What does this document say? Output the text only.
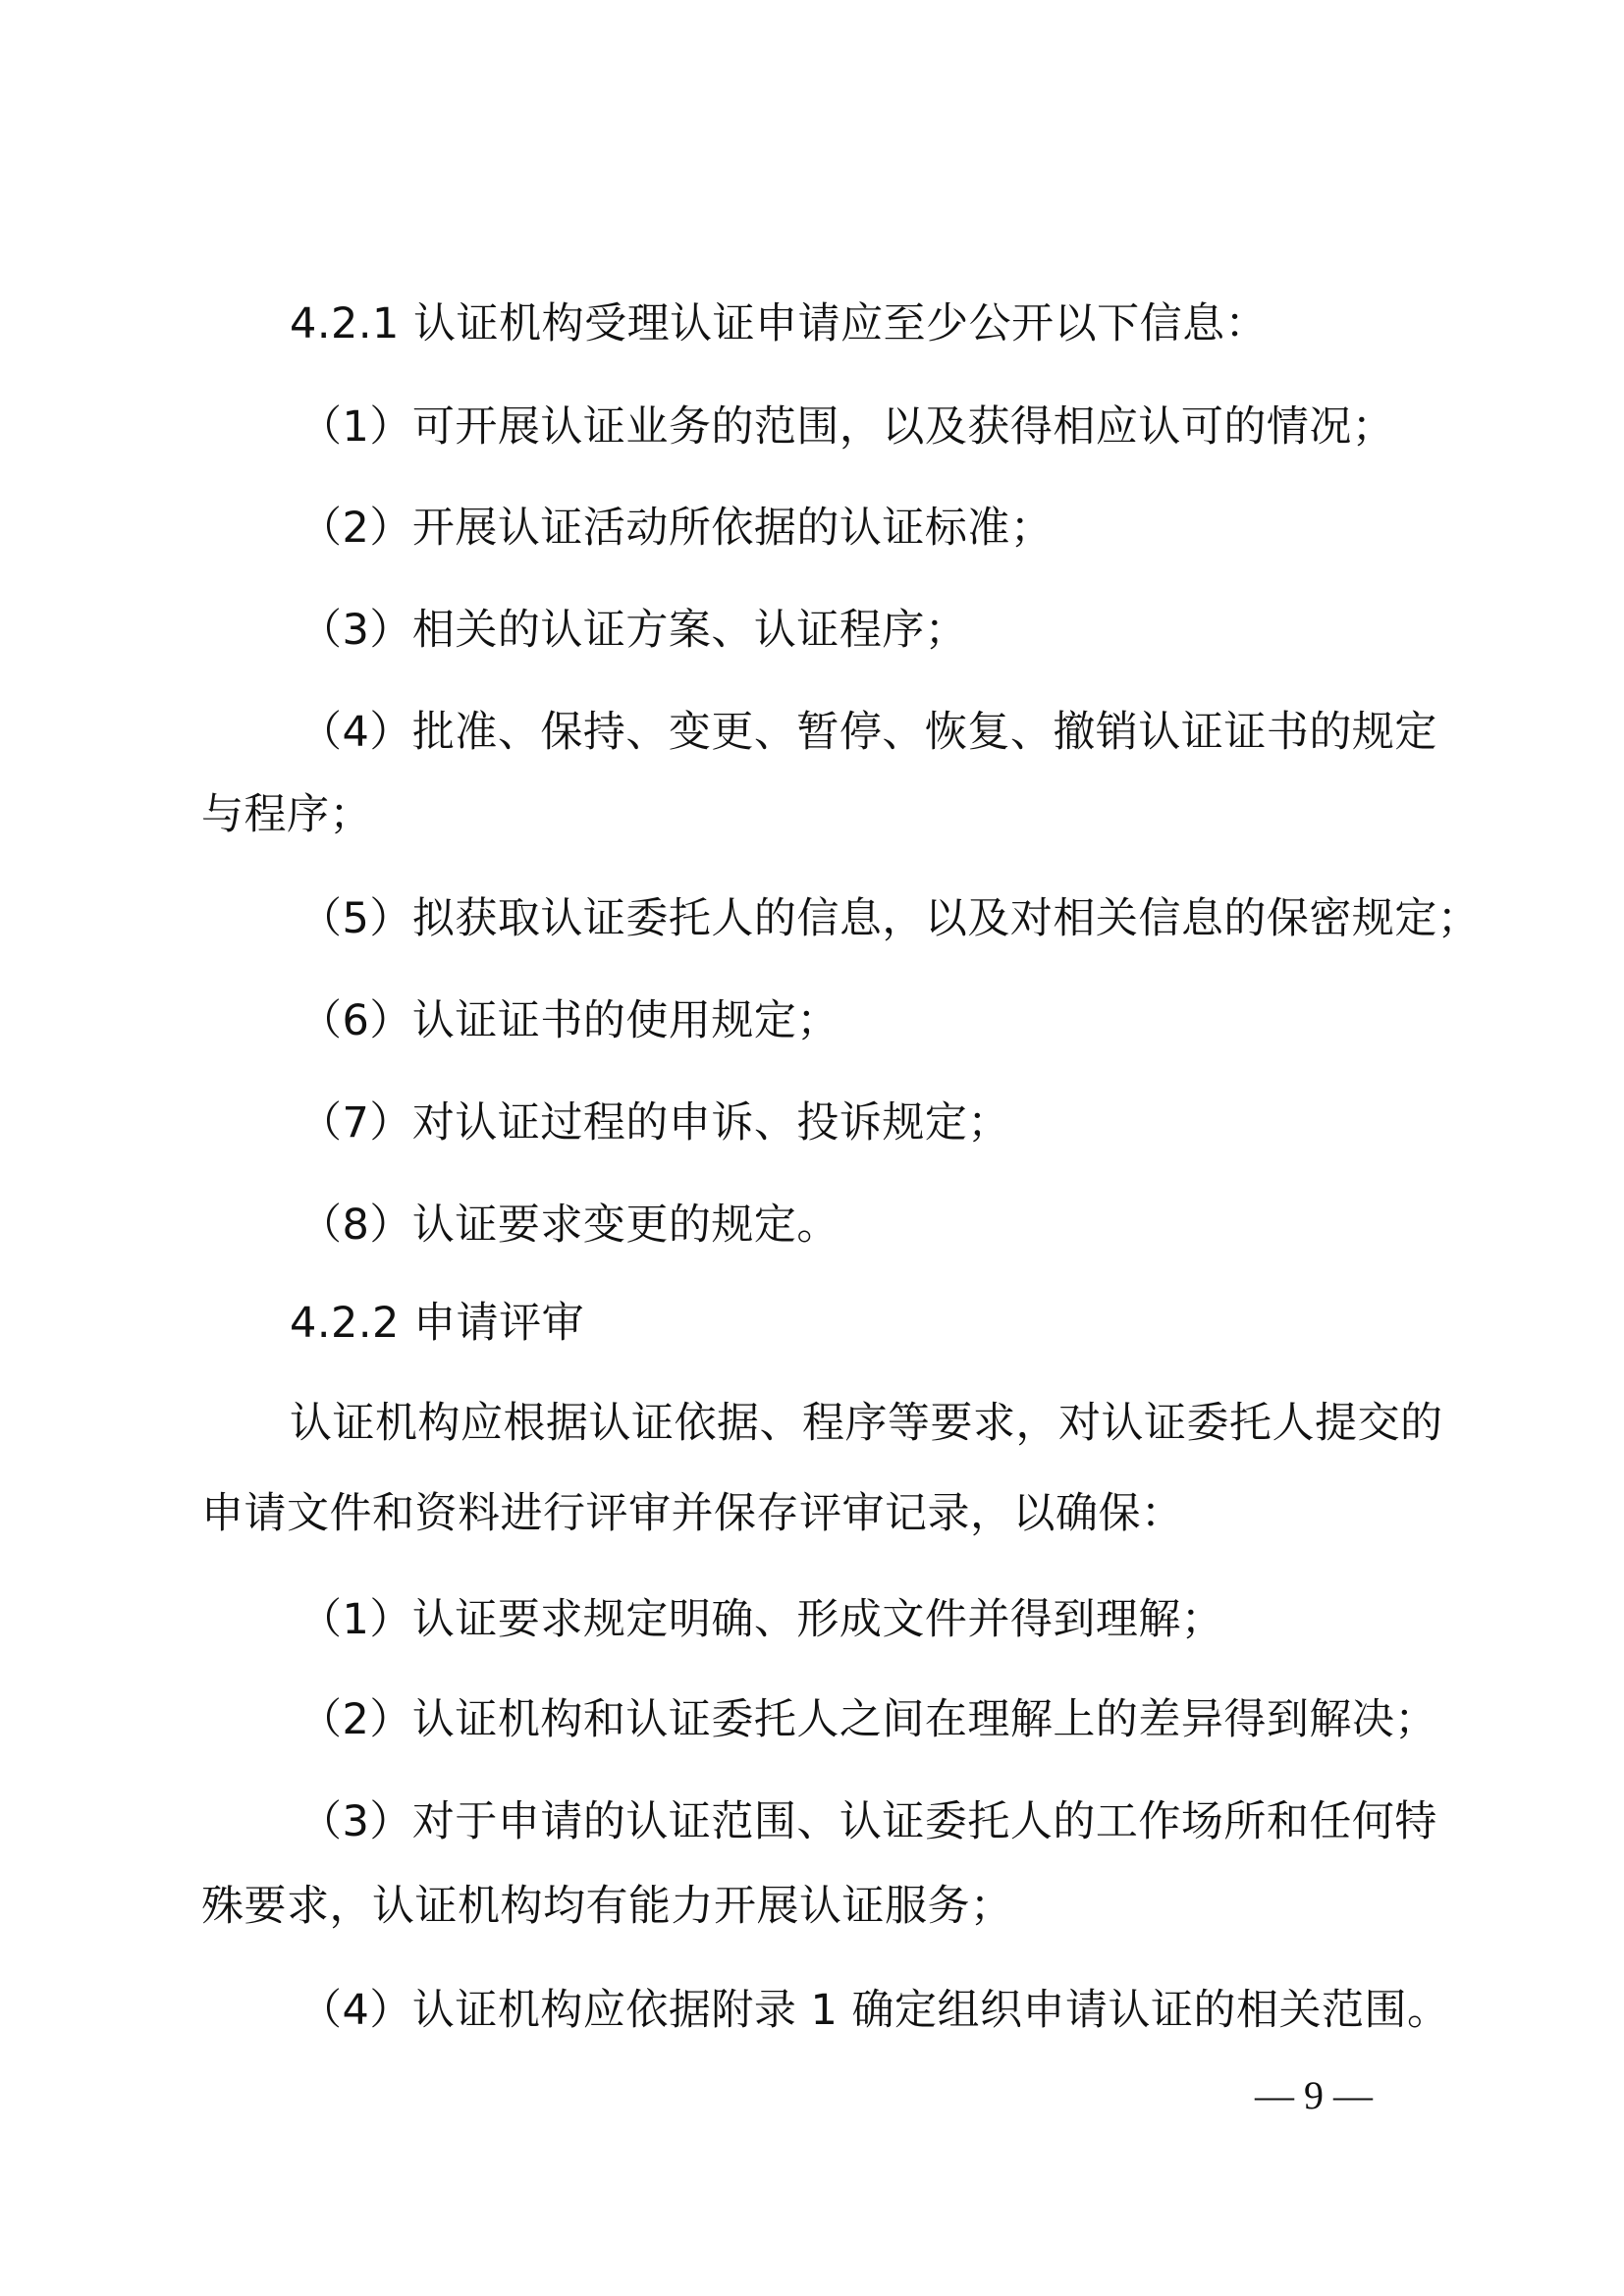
4.2.1 认证机构受理认证申请应至少公开以下信息：
（1）可开展认证业务的范围，以及获得相应认可的情况；
（2）开展认证活动所依据的认证标准；
（3）相关的认证方案、认证程序；
（4）批准、保持、变更、暂停、恢复、撤销认证证书的规定
与程序；
（5）拟获取认证委托人的信息，以及对相关信息的保密规定；
（6）认证证书的使用规定；
（7）对认证过程的申诉、投诉规定；
（8）认证要求变更的规定。
4.2.2 申请评审
认证机构应根据认证依据、程序等要求，对认证委托人提交的
申请文件和资料进行评审并保存评审记录，以确保：
（1）认证要求规定明确、形成文件并得到理解；
（2）认证机构和认证委托人之间在理解上的差异得到解决；
（3）对于申请的认证范围、认证委托人的工作场所和任何特
殊要求，认证机构均有能力开展认证服务；
（4）认证机构应依据附录 1 确定组织申请认证的相关范围。
— 9 —
